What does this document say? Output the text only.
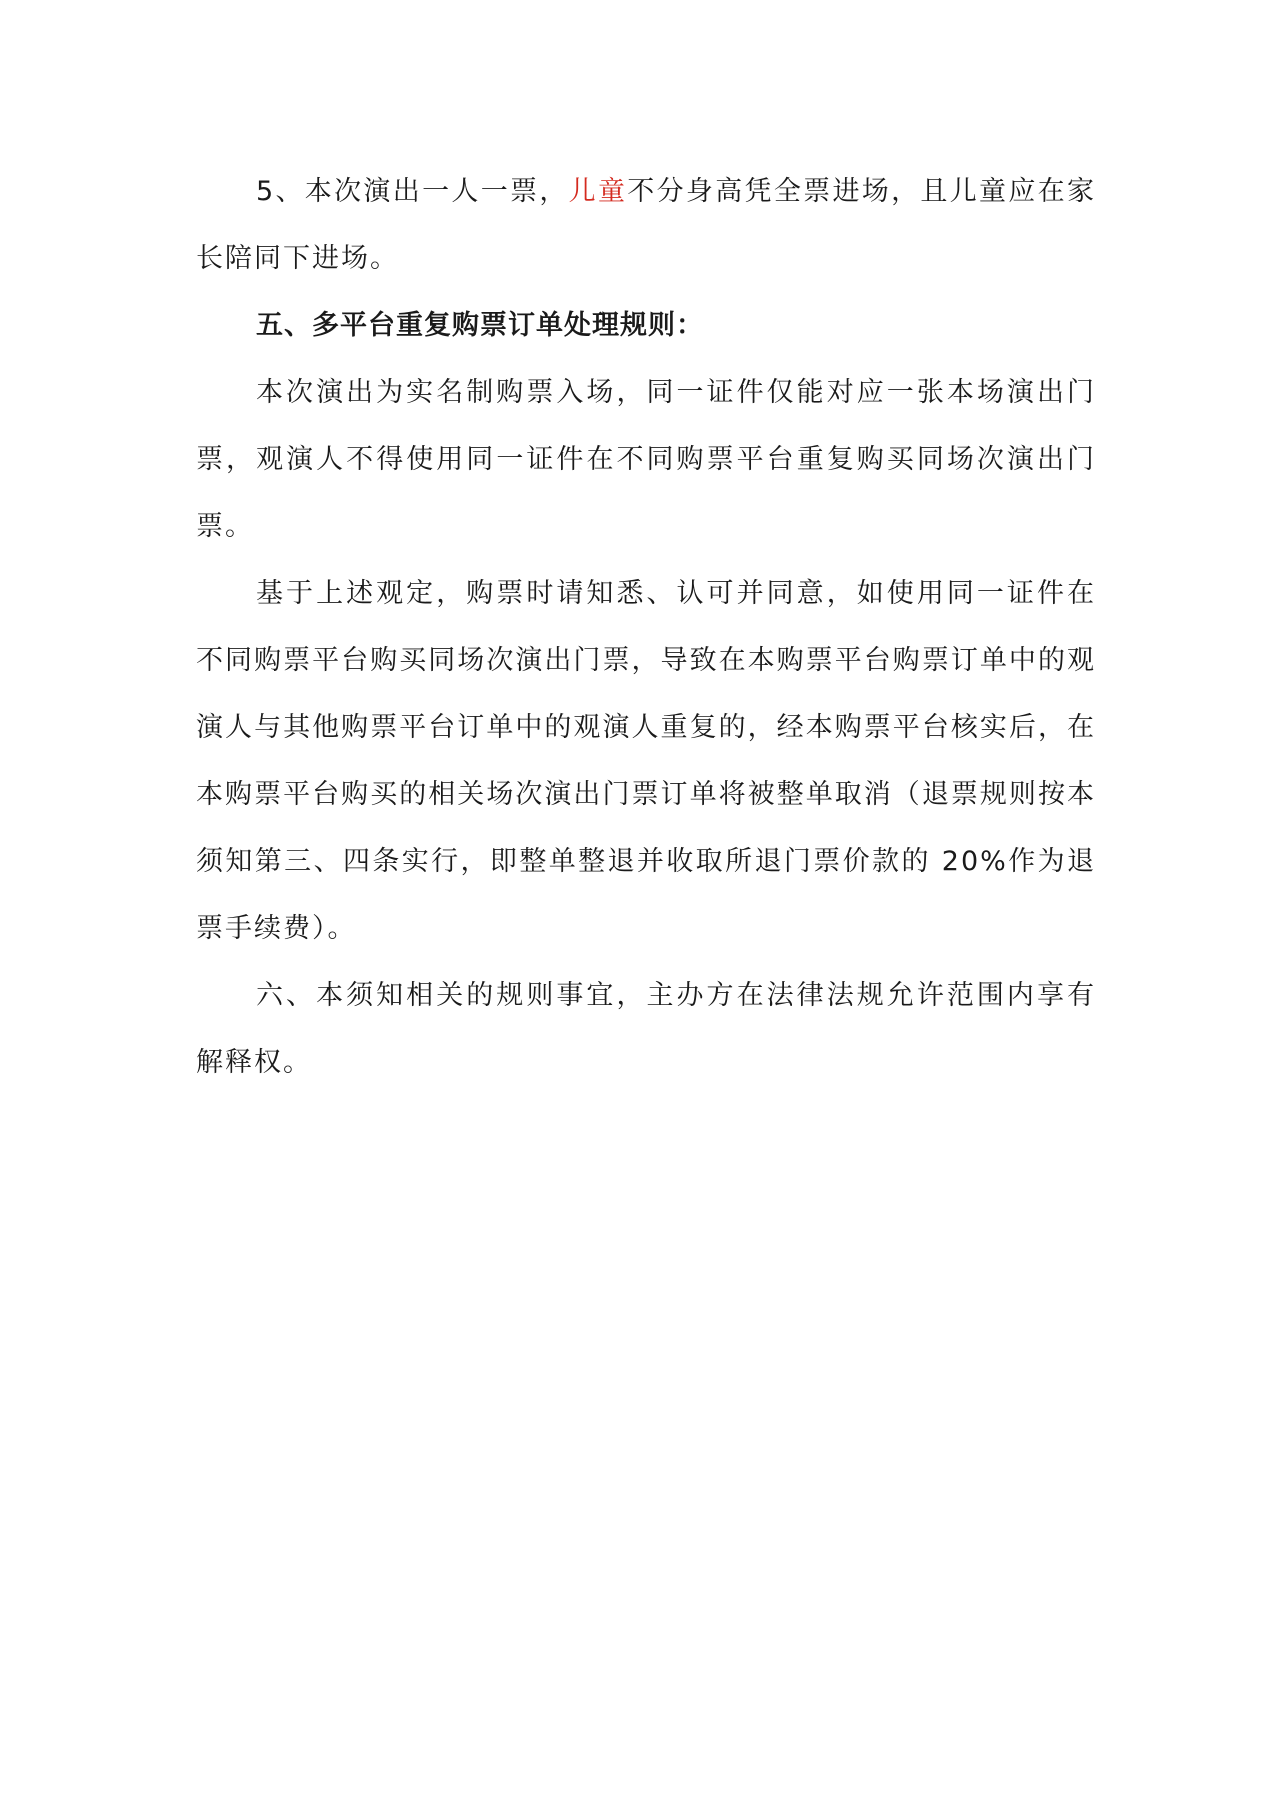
5、本次演出一人一票，儿童不分身高凭全票进场，且儿童应在家长陪同下进场。

五、多平台重复购票订单处理规则：

本次演出为实名制购票入场，同一证件仅能对应一张本场演出门票，观演人不得使用同一证件在不同购票平台重复购买同场次演出门票。

基于上述观定，购票时请知悉、认可并同意，如使用同一证件在不同购票平台购买同场次演出门票，导致在本购票平台购票订单中的观演人与其他购票平台订单中的观演人重复的，经本购票平台核实后，在本购票平台购买的相关场次演出门票订单将被整单取消（退票规则按本须知第三、四条实行，即整单整退并收取所退门票价款的 20%作为退票手续费）。

六、本须知相关的规则事宜，主办方在法律法规允许范围内享有解释权。
